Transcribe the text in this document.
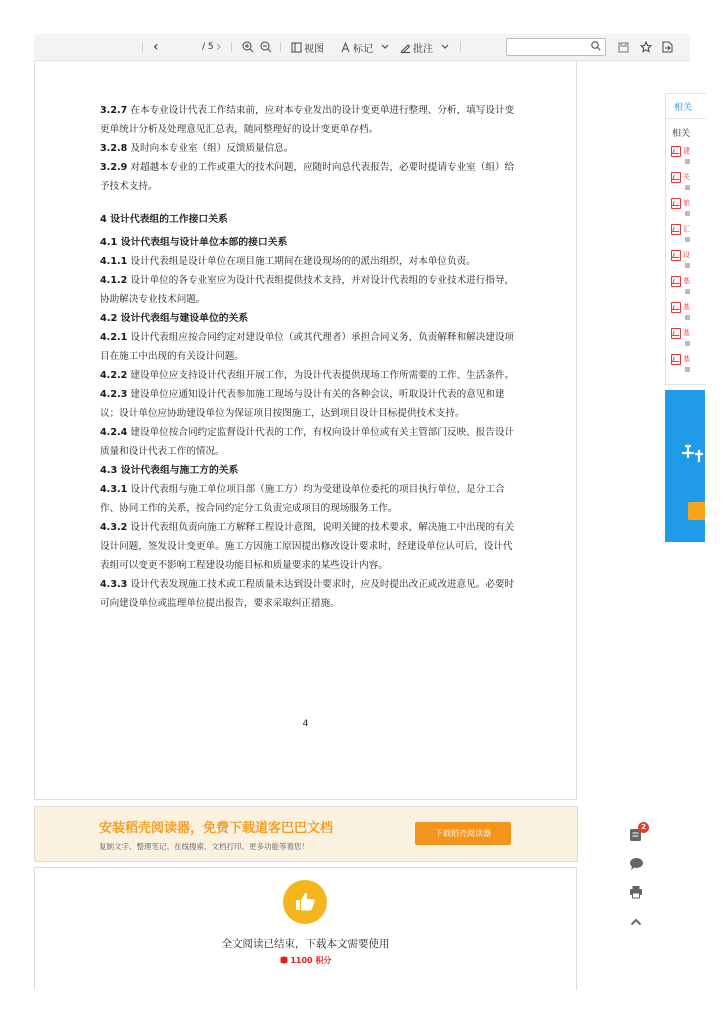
‹	/ 5 ›	视图	标记	批注

3.2.7 在本专业设计代表工作结束前，应对本专业发出的设计变更单进行整理、分析，填写设计变更单统计分析及处理意见汇总表，随同整理好的设计变更单存档。

3.2.8 及时向本专业室（组）反馈质量信息。

3.2.9 对超越本专业的工作或重大的技术问题，应随时向总代表报告，必要时提请专业室（组）给予技术支持。

4 设计代表组的工作接口关系
4.1 设计代表组与设计单位本部的接口关系

4.1.1 设计代表组是设计单位在项目施工期间在建设现场的的派出组织，对本单位负责。

4.1.2 设计单位的各专业室应为设计代表组提供技术支持，并对设计代表组的专业技术进行指导，协助解决专业技术问题。

4.2 设计代表组与建设单位的关系

4.2.1 设计代表组应按合同约定对建设单位（或其代理者）承担合同义务，负责解释和解决建设项目在施工中出现的有关设计问题。

4.2.2 建设单位应支持设计代表组开展工作，为设计代表提供现场工作所需要的工作、生活条件。

4.2.3 建设单位应通知设计代表参加施工现场与设计有关的各种会议，听取设计代表的意见和建议；设计单位应协助建设单位为保证项目按图施工，达到项目设计目标提供技术支持。

4.2.4 建设单位按合同约定监督设计代表的工作，有权向设计单位或有关主管部门反映、报告设计质量和设计代表工作的情况。

4.3 设计代表组与施工方的关系

4.3.1 设计代表组与施工单位项目部（施工方）均为受建设单位委托的项目执行单位，是分工合作、协同工作的关系，按合同约定分工负责完成项目的现场服务工作。

4.3.2 设计代表组负责向施工方解释工程设计意图，说明关键的技术要求，解决施工中出现的有关设计问题，签发设计变更单。施工方因施工原因提出修改设计要求时，经建设单位认可后，设计代表组可以变更不影响工程建设功能目标和质量要求的某些设计内容。

4.3.3 设计代表发现施工技术或工程质量未达到设计要求时，应及时提出改正或改进意见。必要时可向建设单位或监理单位提出报告，要求采取纠正措施。

4
安装稻壳阅读器，免费下载道客巴巴文档
复制文字、整理笔记、在线搜索、文档打印、更多功能等着您！
下载稻壳阅读器
全文阅读已结束，下载本文需要使用
1100 积分
相关
相关
建
关
旅
汇
设
基
基
基
基
2
